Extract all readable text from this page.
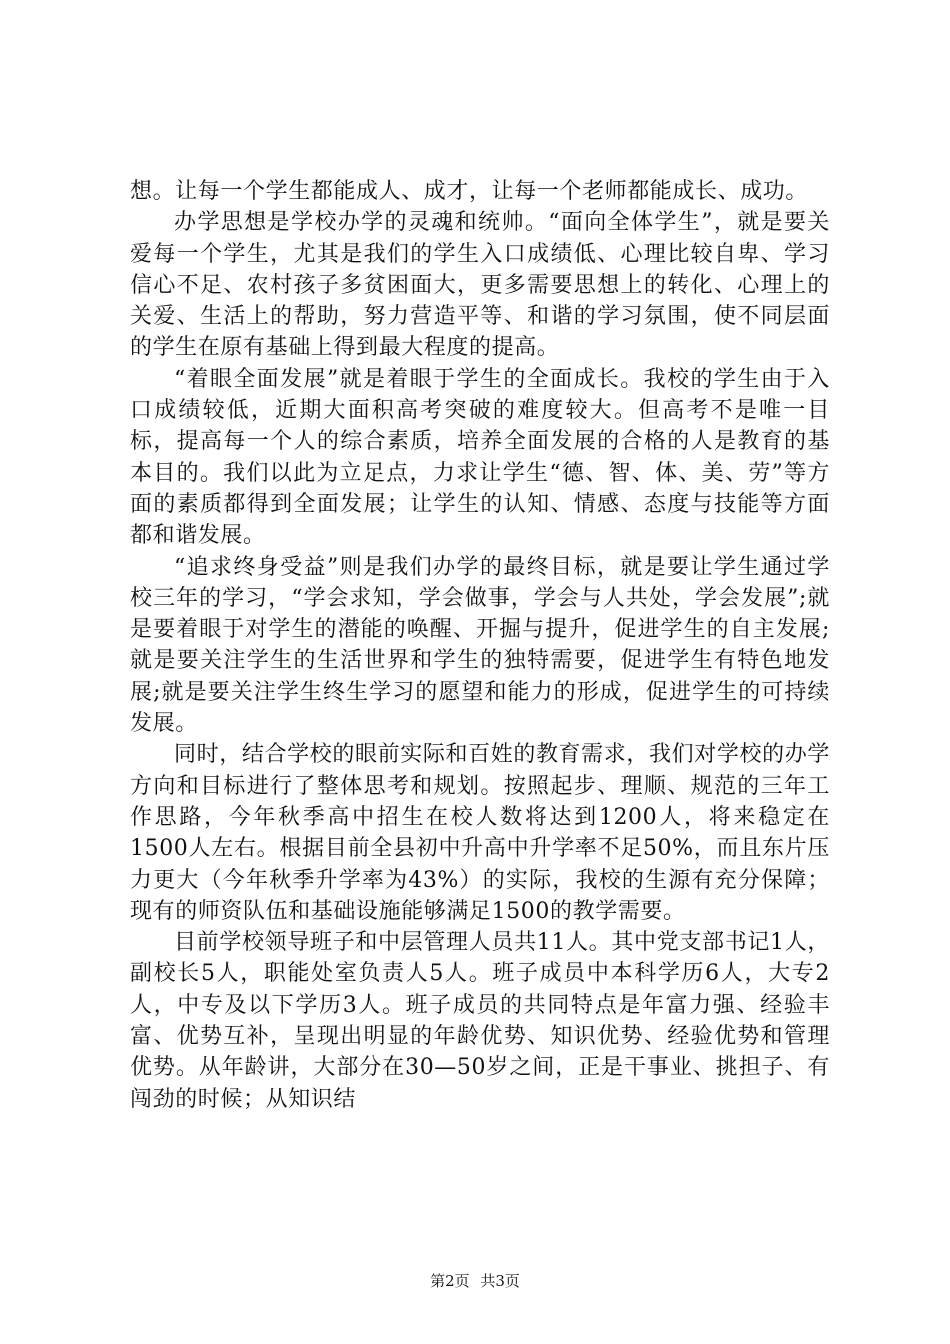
想。让每一个学生都能成人、成才，让每一个老师都能成长、成功。

办学思想是学校办学的灵魂和统帅。“面向全体学生”，就是要关爱每一个学生，尤其是我们的学生入口成绩低、心理比较自卑、学习信心不足、农村孩子多贫困面大，更多需要思想上的转化、心理上的关爱、生活上的帮助，努力营造平等、和谐的学习氛围，使不同层面的学生在原有基础上得到最大程度的提高。

“着眼全面发展”就是着眼于学生的全面成长。我校的学生由于入口成绩较低，近期大面积高考突破的难度较大。但高考不是唯一目标，提高每一个人的综合素质，培养全面发展的合格的人是教育的基本目的。我们以此为立足点，力求让学生“德、智、体、美、劳”等方面的素质都得到全面发展；让学生的认知、情感、态度与技能等方面都和谐发展。

“追求终身受益”则是我们办学的最终目标，就是要让学生通过学校三年的学习，“学会求知，学会做事，学会与人共处，学会发展”;就是要着眼于对学生的潜能的唤醒、开掘与提升，促进学生的自主发展;就是要关注学生的生活世界和学生的独特需要，促进学生有特色地发展;就是要关注学生终生学习的愿望和能力的形成，促进学生的可持续发展。

同时，结合学校的眼前实际和百姓的教育需求，我们对学校的办学方向和目标进行了整体思考和规划。按照起步、理顺、规范的三年工作思路，今年秋季高中招生在校人数将达到1200人，将来稳定在1500人左右。根据目前全县初中升高中升学率不足50%，而且东片压力更大（今年秋季升学率为43%）的实际，我校的生源有充分保障；现有的师资队伍和基础设施能够满足1500的教学需要。

目前学校领导班子和中层管理人员共11人。其中党支部书记1人，副校长5人，职能处室负责人5人。班子成员中本科学历6人，大专2人，中专及以下学历3人。班子成员的共同特点是年富力强、经验丰富、优势互补，呈现出明显的年龄优势、知识优势、经验优势和管理优势。从年龄讲，大部分在30—50岁之间，正是干事业、挑担子、有闯劲的时候；从知识结

第2页 共3页
